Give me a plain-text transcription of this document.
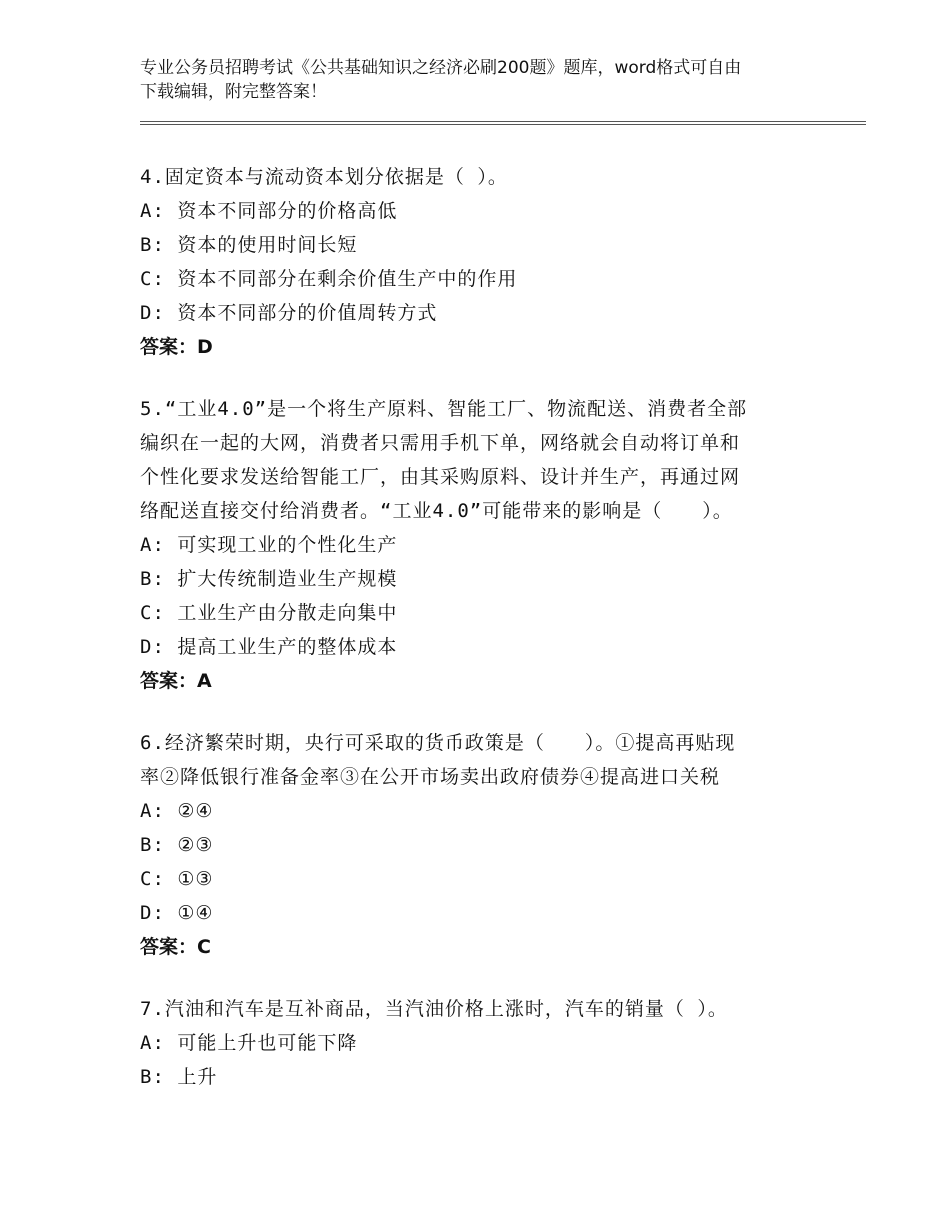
专业公务员招聘考试《公共基础知识之经济必刷200题》题库，word格式可自由
下载编辑，附完整答案！
4.固定资本与流动资本划分依据是（ ）。
A: 资本不同部分的价格高低
B: 资本的使用时间长短
C: 资本不同部分在剩余价值生产中的作用
D: 资本不同部分的价值周转方式
答案：D
5.“工业4.0”是一个将生产原料、智能工厂、物流配送、消费者全部
编织在一起的大网，消费者只需用手机下单，网络就会自动将订单和
个性化要求发送给智能工厂，由其采购原料、设计并生产，再通过网
络配送直接交付给消费者。“工业4.0”可能带来的影响是（　　）。
A: 可实现工业的个性化生产
B: 扩大传统制造业生产规模
C: 工业生产由分散走向集中
D: 提高工业生产的整体成本
答案：A
6.经济繁荣时期，央行可采取的货币政策是（　　）。①提高再贴现
率②降低银行准备金率③在公开市场卖出政府债券④提高进口关税
A: ②④
B: ②③
C: ①③
D: ①④
答案：C
7.汽油和汽车是互补商品，当汽油价格上涨时，汽车的销量（ ）。
A: 可能上升也可能下降
B: 上升
